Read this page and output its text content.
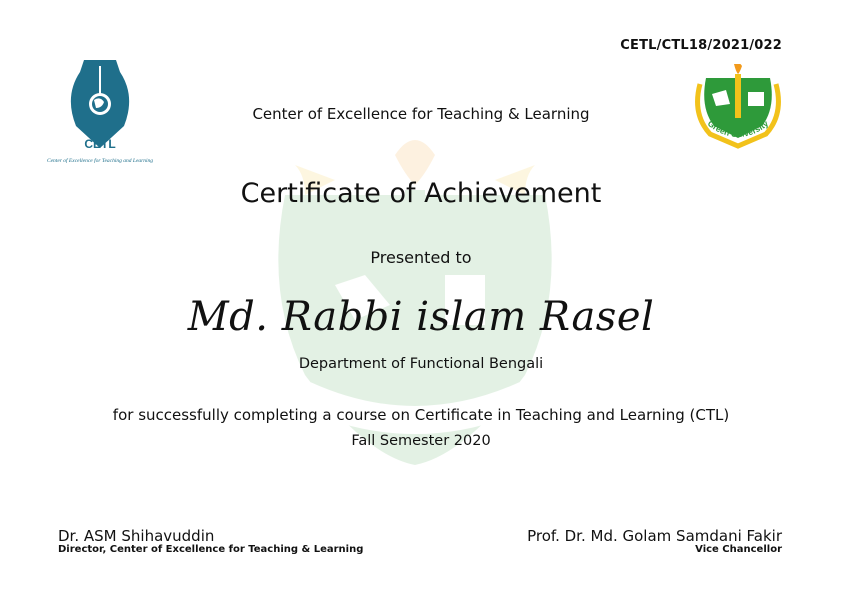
CETL
Center of Excellence for Teaching and Learning
Green University
CETL/CTL18/2021/022
Center of Excellence for Teaching & Learning
Certificate of Achievement
Presented to
Md. Rabbi islam Rasel
Department of Functional Bengali
for successfully completing a course on Certificate in Teaching and Learning (CTL)
Fall Semester 2020
Dr. ASM Shihavuddin
Director, Center of Excellence for Teaching & Learning
Prof. Dr. Md. Golam Samdani Fakir
Vice Chancellor
